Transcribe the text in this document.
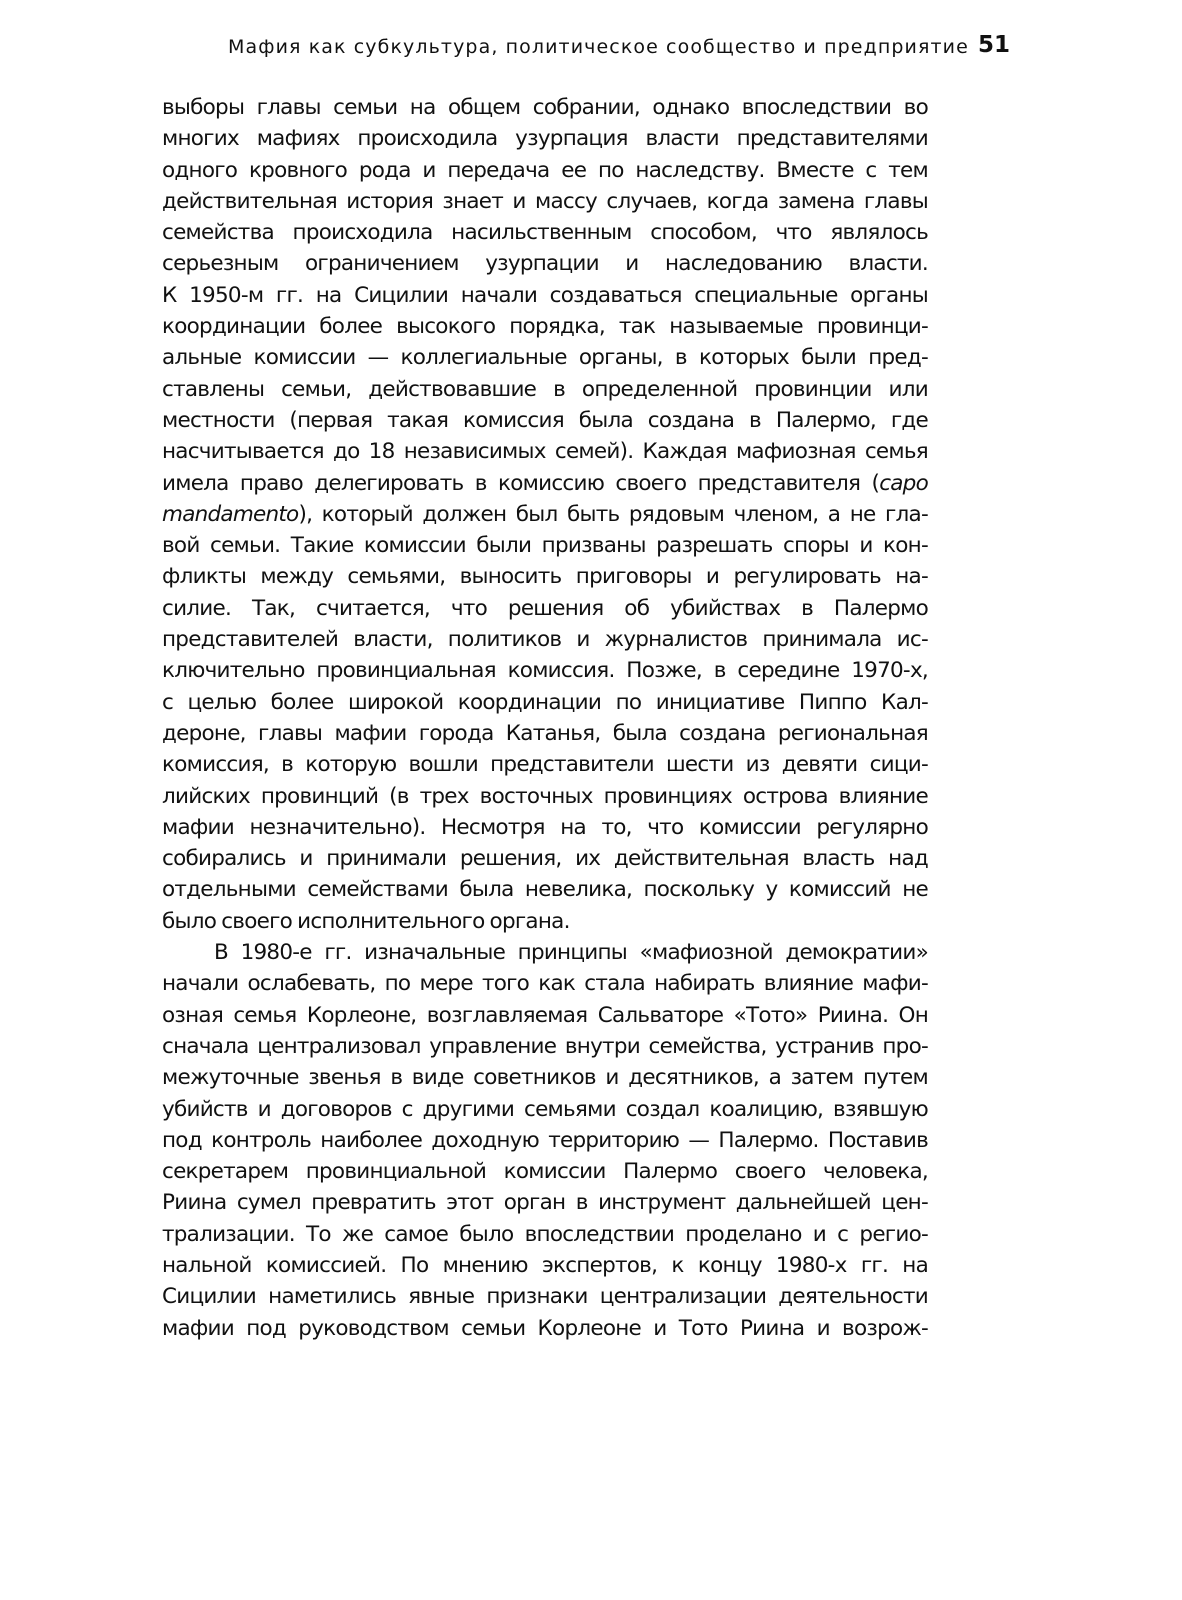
Мафия как субкультура, политическое сообщество и предприятие 51
выборы главы семьи на общем собрании, однако впоследствии во
многих мафиях происходила узурпация власти представителями
одного кровного рода и передача ее по наследству. Вместе с тем
действительная история знает и массу случаев, когда замена главы
семейства происходила насильственным способом, что являлось
серьезным ограничением узурпации и наследованию власти.
К 1950-м гг. на Сицилии начали создаваться специальные органы
координации более высокого порядка, так называемые провинци-
альные комиссии — коллегиальные органы, в которых были пред-
ставлены семьи, действовавшие в определенной провинции или
местности (первая такая комиссия была создана в Палермо, где
насчитывается до 18 независимых семей). Каждая мафиозная семья
имела право делегировать в комиссию своего представителя (capo
mandamento), который должен был быть рядовым членом, а не гла-
вой семьи. Такие комиссии были призваны разрешать споры и кон-
фликты между семьями, выносить приговоры и регулировать на-
силие. Так, считается, что решения об убийствах в Палермо
представителей власти, политиков и журналистов принимала ис-
ключительно провинциальная комиссия. Позже, в середине 1970-х,
с целью более широкой координации по инициативе Пиппо Кал-
дероне, главы мафии города Катанья, была создана региональная
комиссия, в которую вошли представители шести из девяти сици-
лийских провинций (в трех восточных провинциях острова влияние
мафии незначительно). Несмотря на то, что комиссии регулярно
собирались и принимали решения, их действительная власть над
отдельными семействами была невелика, поскольку у комиссий не
было своего исполнительного органа.
В 1980-е гг. изначальные принципы «мафиозной демократии»
начали ослабевать, по мере того как стала набирать влияние мафи-
озная семья Корлеоне, возглавляемая Сальваторе «Тото» Риина. Он
сначала централизовал управление внутри семейства, устранив про-
межуточные звенья в виде советников и десятников, а затем путем
убийств и договоров с другими семьями создал коалицию, взявшую
под контроль наиболее доходную территорию — Палермо. Поставив
секретарем провинциальной комиссии Палермо своего человека,
Риина сумел превратить этот орган в инструмент дальнейшей цен-
трализации. То же самое было впоследствии проделано и с регио-
нальной комиссией. По мнению экспертов, к концу 1980-х гг. на
Сицилии наметились явные признаки централизации деятельности
мафии под руководством семьи Корлеоне и Тото Риина и возрож-
